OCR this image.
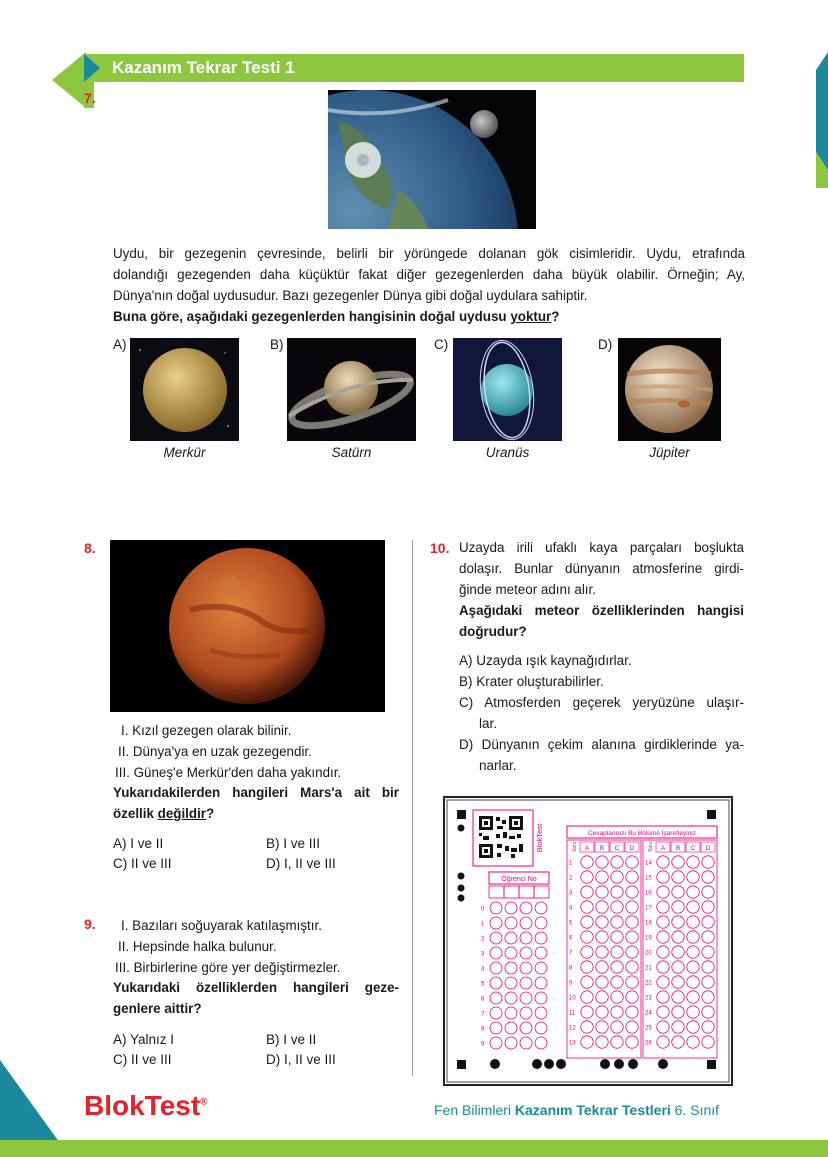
Kazanım Tekrar Testi 1
7.
Uydu, bir gezegenin çevresinde, belirli bir yörüngede dolanan gök cisimleridir. Uydu, etrafında
dolandığı gezegenden daha küçüktür fakat diğer gezegenlerden daha büyük olabilir. Örneğin; Ay,
Dünya'nın doğal uydusudur. Bazı gezegenler Dünya gibi doğal uydulara sahiptir.
Buna göre, aşağıdaki gezegenlerden hangisinin doğal uydusu yoktur?
A)
Merkür
B)
Satürn
C)
Uranüs
D)
Jüpiter
8.
I. Kızıl gezegen olarak bilinir.
II. Dünya'ya en uzak gezegendir.
III. Güneş'e Merkür'den daha yakındır.
Yukarıdakilerden hangileri Mars'a ait bir
özellik değildir?
A) I ve II	B) I ve III
C) II ve III	D) I, II ve III
9. I. Bazıları soğuyarak katılaşmıştır.
II. Hepsinde halka bulunur.
III. Birbirlerine göre yer değiştirmezler.
Yukarıdaki özelliklerden hangileri geze-
genlere aittir?
A) Yalnız I	B) I ve II
C) II ve III	D) I, II ve III
10. Uzayda irili ufaklı kaya parçaları boşlukta
dolaşır. Bunlar dünyanın atmosferine girdi-
ğinde meteor adını alır.
Aşağıdaki meteor özelliklerinden hangisi
doğrudur?
A) Uzayda ışık kaynağıdırlar.
B) Krater oluşturabilirler.
C) Atmosferden geçerek yeryüzüne ulaşır-
lar.
D) Dünyanın çekim alanına girdiklerinde ya-
narlar.
BlokTest
Öğrenci No
0
1
2
3
4
5
6
7
8
9
Cevaplarınızı Bu Bölüme İşaretleyiniz
Soru A B C D
1
2
3
4
5
6
7
8
9
10
11
12
13
Soru A B C D
14
15
16
17
18
19
20
21
22
23
24
25
26
6 BlokTest®	Fen Bilimleri Kazanım Tekrar Testleri 6. Sınıf
